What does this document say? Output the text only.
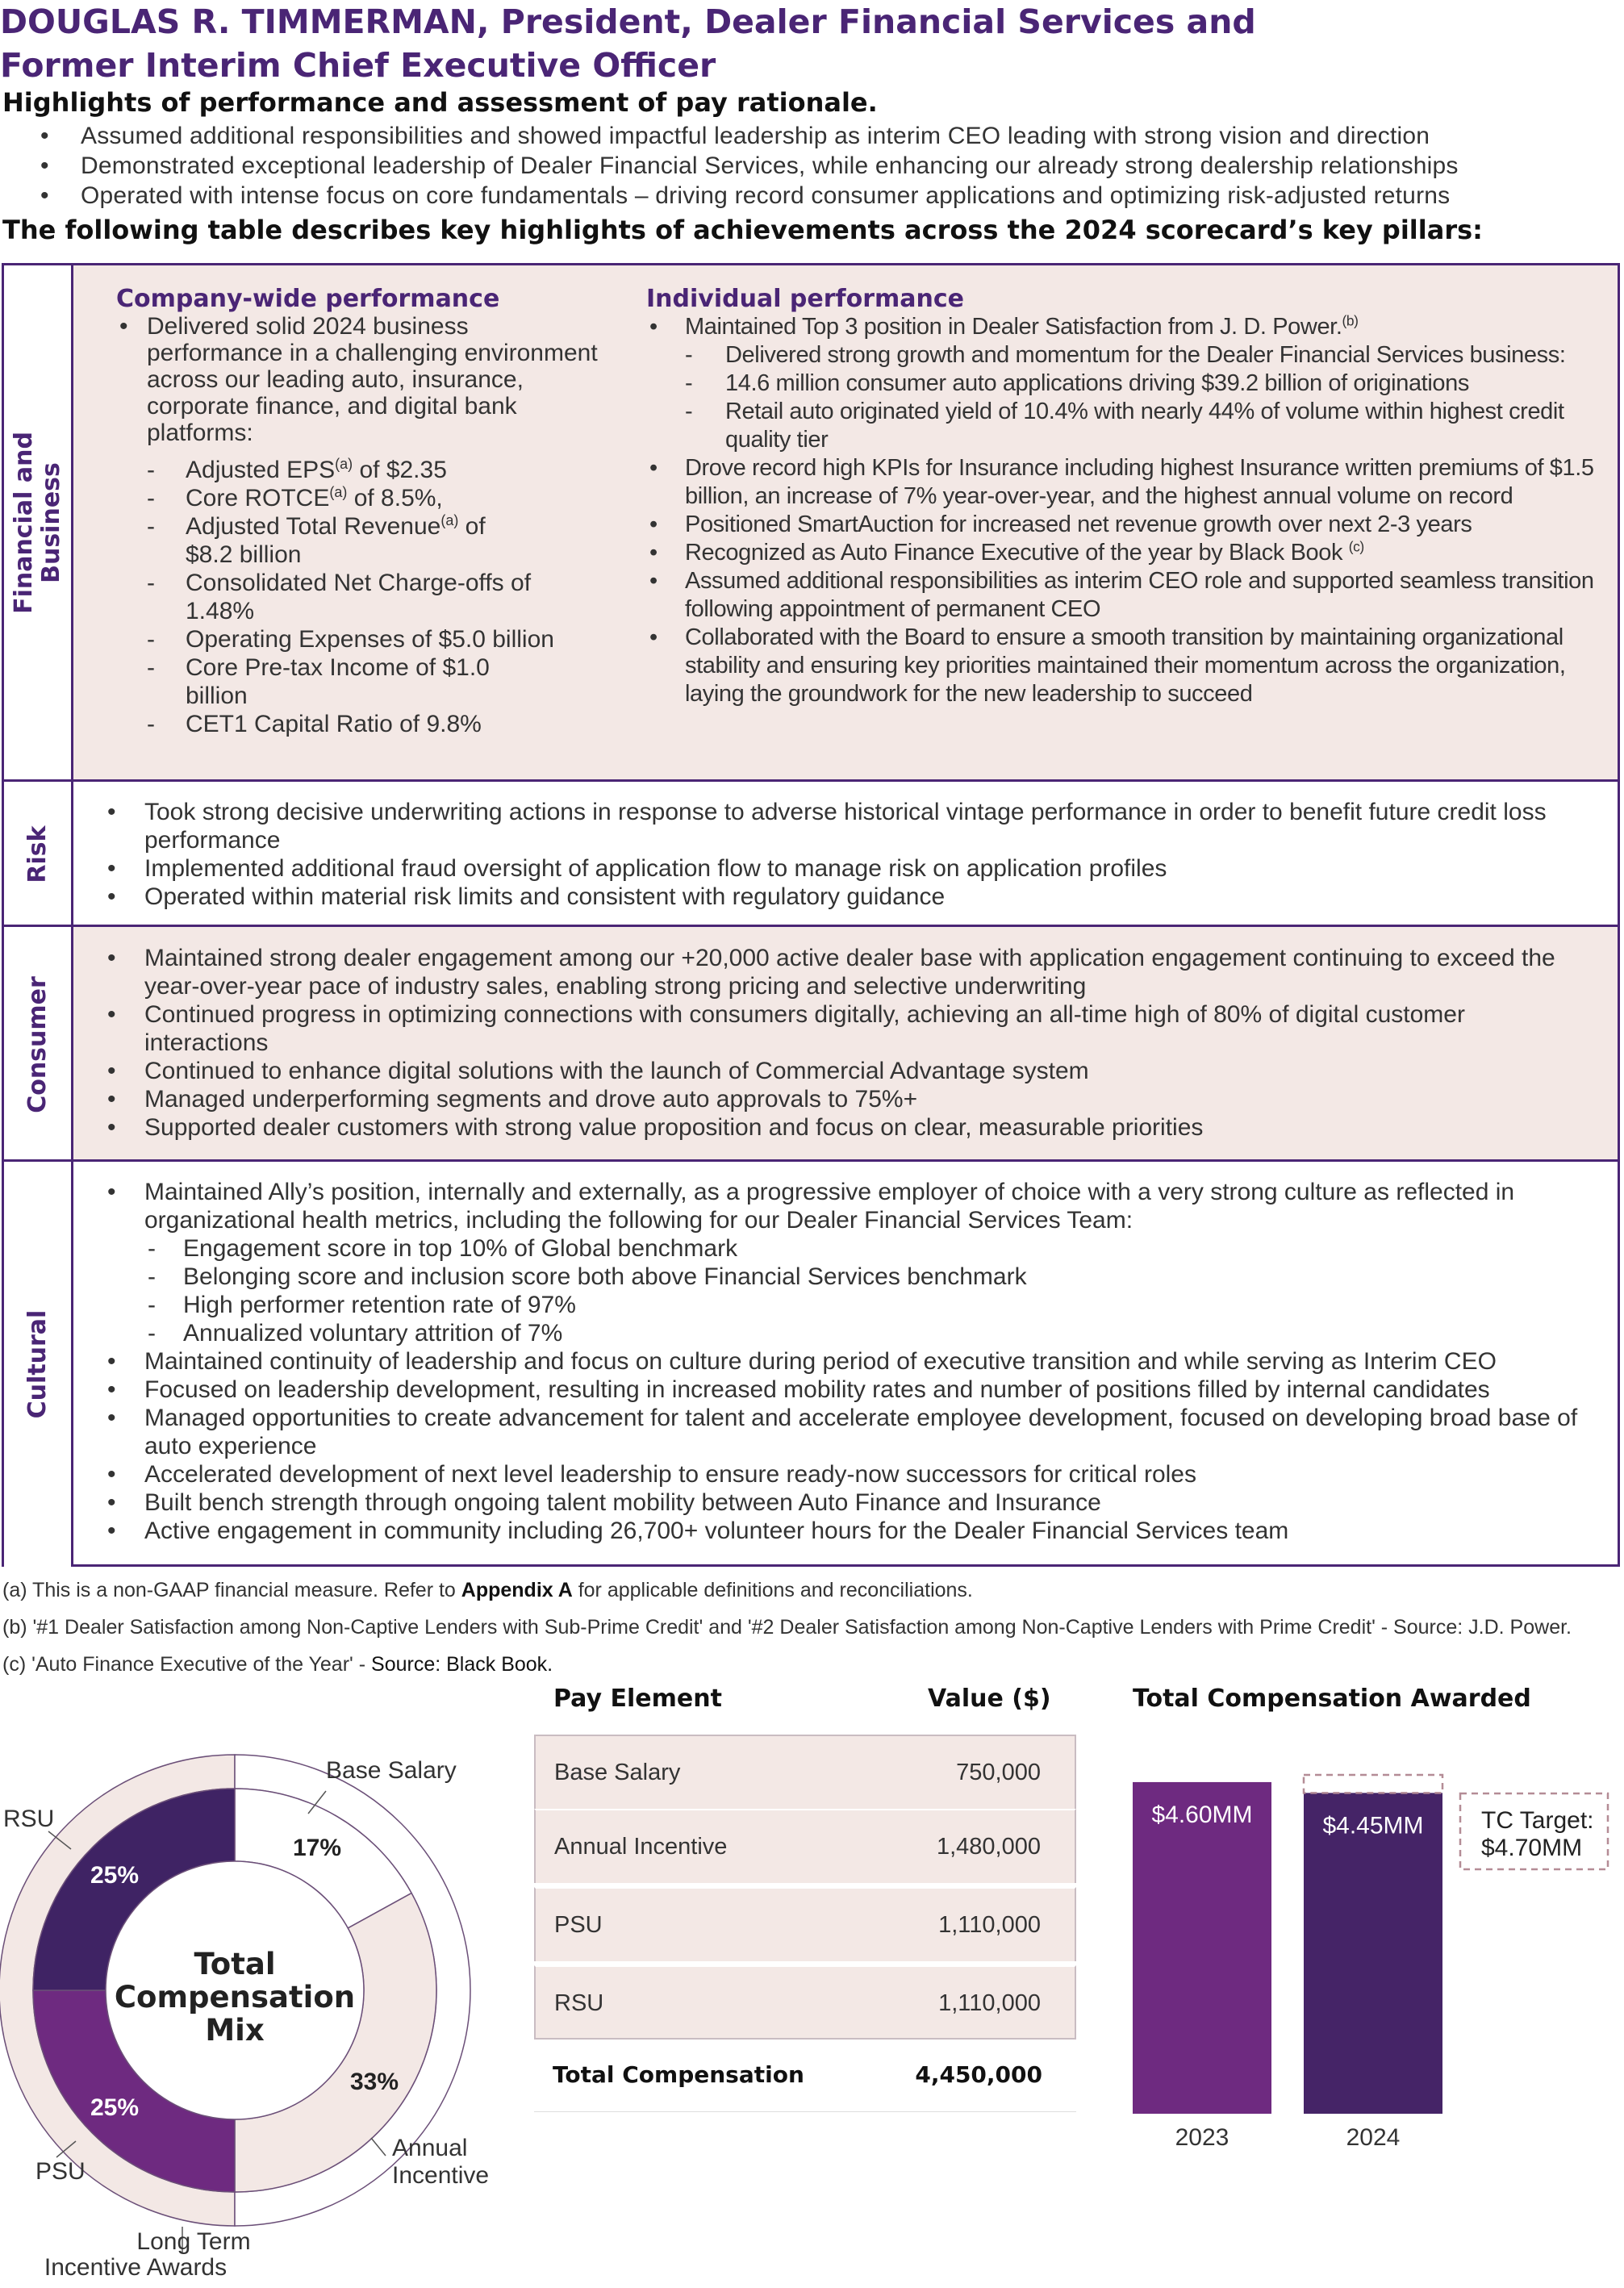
DOUGLAS R. TIMMERMAN, President, Dealer Financial Services and
Former Interim Chief Executive Officer
Highlights of performance and assessment of pay rationale.
• Assumed additional responsibilities and showed impactful leadership as interim CEO leading with strong vision and direction
• Demonstrated exceptional leadership of Dealer Financial Services, while enhancing our already strong dealership relationships
• Operated with intense focus on core fundamentals – driving record consumer applications and optimizing risk-adjusted returns
The following table describes key highlights of achievements across the 2024 scorecard’s key pillars:
Financial and Business
Company-wide performance
• Delivered solid 2024 business performance in a challenging environment across our leading auto, insurance, corporate finance, and digital bank platforms:
- Adjusted EPS$^{(a)}$ of $2.35
- Core ROTCE$^{(a)}$ of 8.5%,
- Adjusted Total Revenue$^{(a)}$ of $8.2 billion
- Consolidated Net Charge-offs of 1.48%
- Operating Expenses of $5.0 billion
- Core Pre-tax Income of $1.0 billion
- CET1 Capital Ratio of 9.8%
Individual performance
• Maintained Top 3 position in Dealer Satisfaction from J. D. Power.$^{(b)}$
- Delivered strong growth and momentum for the Dealer Financial Services business:
- 14.6 million consumer auto applications driving $39.2 billion of originations
- Retail auto originated yield of 10.4% with nearly 44% of volume within highest credit quality tier
• Drove record high KPIs for Insurance including highest Insurance written premiums of $1.5 billion, an increase of 7% year-over-year, and the highest annual volume on record
• Positioned SmartAuction for increased net revenue growth over next 2-3 years
• Recognized as Auto Finance Executive of the year by Black Book $^{(c)}$
• Assumed additional responsibilities as interim CEO role and supported seamless transition following appointment of permanent CEO
• Collaborated with the Board to ensure a smooth transition by maintaining organizational stability and ensuring key priorities maintained their momentum across the organization, laying the groundwork for the new leadership to succeed
Risk
• Took strong decisive underwriting actions in response to adverse historical vintage performance in order to benefit future credit loss performance
• Implemented additional fraud oversight of application flow to manage risk on application profiles
• Operated within material risk limits and consistent with regulatory guidance
Consumer
• Maintained strong dealer engagement among our +20,000 active dealer base with application engagement continuing to exceed the year-over-year pace of industry sales, enabling strong pricing and selective underwriting
• Continued progress in optimizing connections with consumers digitally, achieving an all-time high of 80% of digital customer interactions
• Continued to enhance digital solutions with the launch of Commercial Advantage system
• Managed underperforming segments and drove auto approvals to 75%+
• Supported dealer customers with strong value proposition and focus on clear, measurable priorities
Cultural
• Maintained Ally’s position, internally and externally, as a progressive employer of choice with a very strong culture as reflected in organizational health metrics, including the following for our Dealer Financial Services Team:
- Engagement score in top 10% of Global benchmark
- Belonging score and inclusion score both above Financial Services benchmark
- High performer retention rate of 97%
- Annualized voluntary attrition of 7%
• Maintained continuity of leadership and focus on culture during period of executive transition and while serving as Interim CEO
• Focused on leadership development, resulting in increased mobility rates and number of positions filled by internal candidates
• Managed opportunities to create advancement for talent and accelerate employee development, focused on developing broad base of auto experience
• Accelerated development of next level leadership to ensure ready-now successors for critical roles
• Built bench strength through ongoing talent mobility between Auto Finance and Insurance
• Active engagement in community including 26,700+ volunteer hours for the Dealer Financial Services team
(a) This is a non-GAAP financial measure. Refer to Appendix A for applicable definitions and reconciliations.
(b) '#1 Dealer Satisfaction among Non-Captive Lenders with Sub-Prime Credit' and '#2 Dealer Satisfaction among Non-Captive Lenders with Prime Credit' - Source: J.D. Power.
(c) 'Auto Finance Executive of the Year' - Source: Black Book.
Total
Compensation
Mix
17%
33%
25%
25%
Base Salary
RSU
PSU
Annual
Incentive
Long Term
Incentive Awards
Pay Element	Value ($)
Base Salary	750,000
Annual Incentive	1,480,000
PSU	1,110,000
RSU	1,110,000
Total Compensation	4,450,000
Total Compensation Awarded
$4.60MM	$4.45MM TC Target:
$4.70MM
2023	2024
